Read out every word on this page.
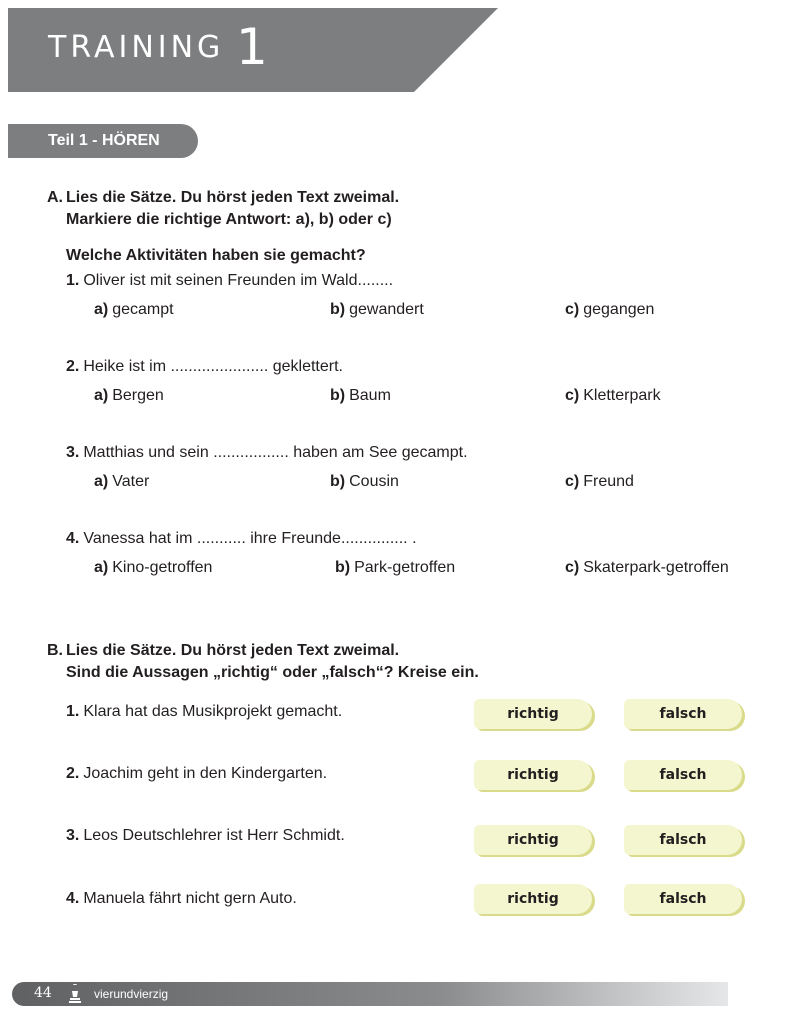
TRAINING 1
Teil 1 - HÖREN
A. Lies die Sätze. Du hörst jeden Text zweimal.
Markiere die richtige Antwort: a), b) oder c)
Welche Aktivitäten haben sie gemacht?
1. Oliver ist mit seinen Freunden im Wald........
a) gecampt	b) gewandert	c) gegangen
2. Heike ist im ...................... geklettert.
a) Bergen	b) Baum	c) Kletterpark
3. Matthias und sein ................. haben am See gecampt.
a) Vater	b) Cousin	c) Freund
4. Vanessa hat im ........... ihre Freunde............... .
a) Kino-getroffen	b) Park-getroffen	c) Skaterpark-getroffen
B. Lies die Sätze. Du hörst jeden Text zweimal.
Sind die Aussagen „richtig“ oder „falsch“? Kreise ein.
1. Klara hat das Musikprojekt gemacht.	richtig	falsch
2. Joachim geht in den Kindergarten.	richtig	falsch
3. Leos Deutschlehrer ist Herr Schmidt.	richtig	falsch
4. Manuela fährt nicht gern Auto.	richtig	falsch
44	vierundvierzig
